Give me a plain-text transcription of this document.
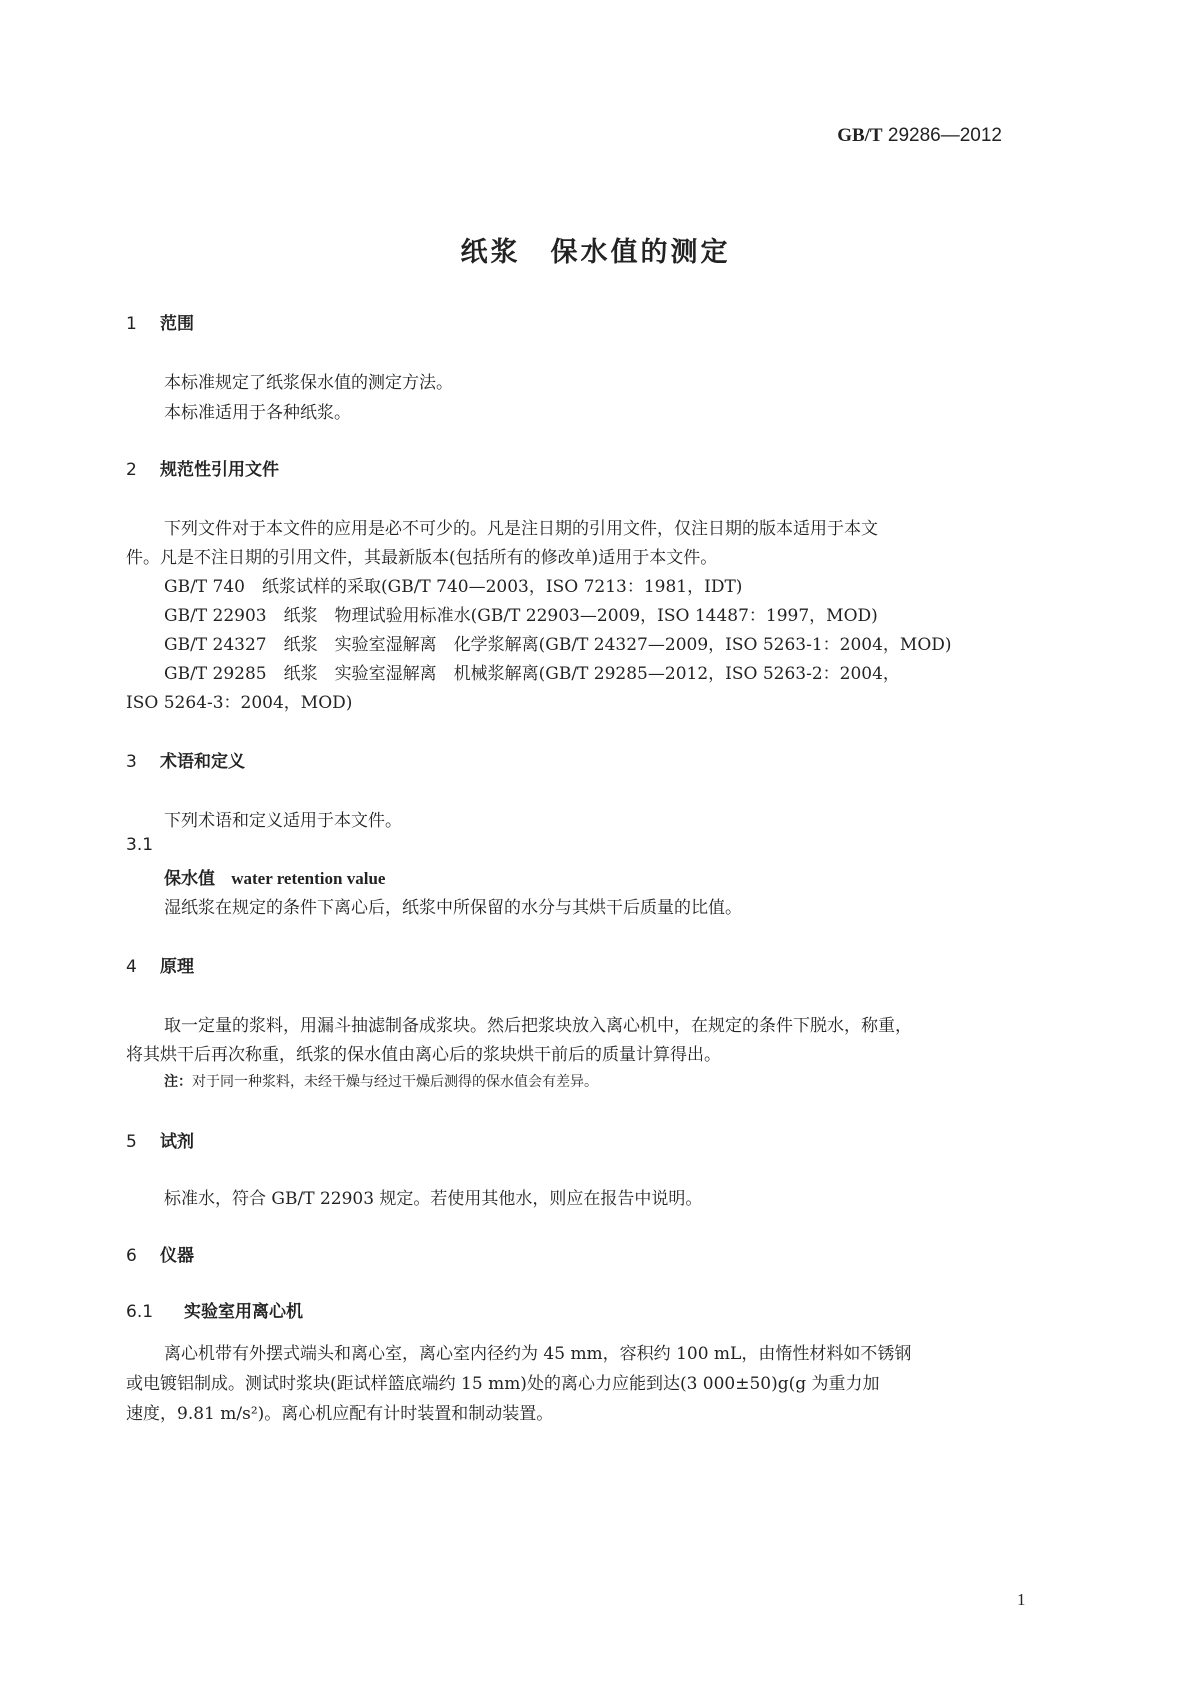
GB/T 29286—2012
纸浆　保水值的测定
1 范围
本标准规定了纸浆保水值的测定方法。
本标准适用于各种纸浆。
2 规范性引用文件
下列文件对于本文件的应用是必不可少的。凡是注日期的引用文件，仅注日期的版本适用于本文
件。凡是不注日期的引用文件，其最新版本(包括所有的修改单)适用于本文件。
GB/T 740　纸浆试样的采取(GB/T 740—2003，ISO 7213：1981，IDT)
GB/T 22903　纸浆　物理试验用标准水(GB/T 22903—2009，ISO 14487：1997，MOD)
GB/T 24327　纸浆　实验室湿解离　化学浆解离(GB/T 24327—2009，ISO 5263-1：2004，MOD)
GB/T 29285　纸浆　实验室湿解离　机械浆解离(GB/T 29285—2012，ISO 5263-2：2004，
ISO 5264-3：2004，MOD)
3 术语和定义
下列术语和定义适用于本文件。
3.1
保水值 water retention value
湿纸浆在规定的条件下离心后，纸浆中所保留的水分与其烘干后质量的比值。
4 原理
取一定量的浆料，用漏斗抽滤制备成浆块。然后把浆块放入离心机中，在规定的条件下脱水，称重，
将其烘干后再次称重，纸浆的保水值由离心后的浆块烘干前后的质量计算得出。
注：对于同一种浆料，未经干燥与经过干燥后测得的保水值会有差异。
5 试剂
标准水，符合 GB/T 22903 规定。若使用其他水，则应在报告中说明。
6 仪器
6.1 实验室用离心机
离心机带有外摆式端头和离心室，离心室内径约为 45 mm，容积约 100 mL，由惰性材料如不锈钢
或电镀铝制成。测试时浆块(距试样篮底端约 15 mm)处的离心力应能到达(3 000±50)g(g 为重力加
速度，9.81 m/s²)。离心机应配有计时装置和制动装置。
1
